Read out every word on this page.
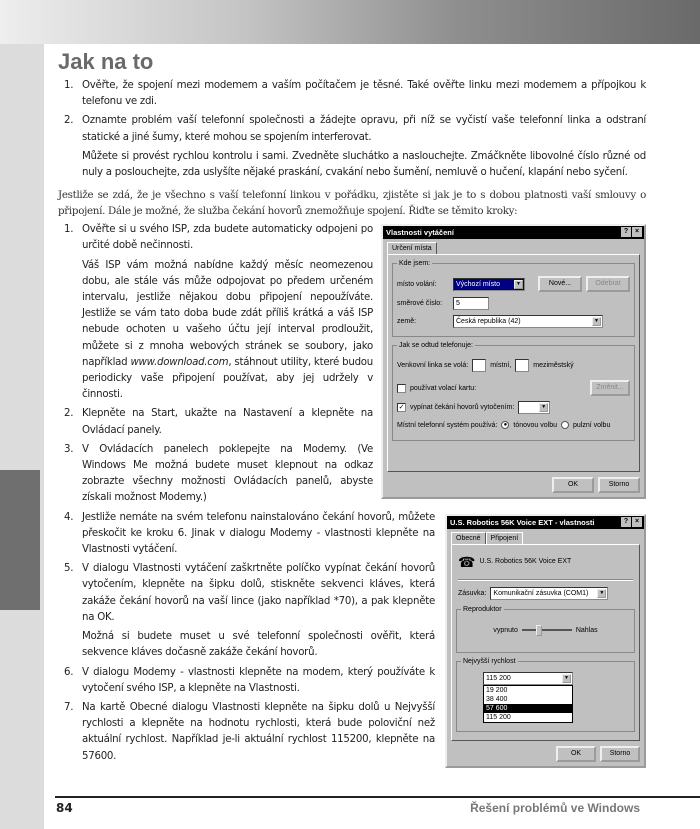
Jak na to
1. Ověřte, že spojení mezi modemem a vaším počítačem je těsné. Také ověřte linku mezi modemem a přípojkou k telefonu ve zdi.
2. Oznamte problém vaší telefonní společnosti a žádejte opravu, při níž se vyčistí vaše telefonní linka a odstraní statické a jiné šumy, které mohou se spojením interferovat.

Můžete si provést rychlou kontrolu i sami. Zvedněte sluchátko a naslouchejte. Zmáčkněte libovolné číslo různé od nuly a poslouchejte, zda uslyšíte nějaké praskání, cvakání nebo šumění, nemluvě o hučení, klapání nebo syčení.

Jestliže se zdá, že je všechno s vaší telefonní linkou v pořádku, zjistěte si jak je to s dobou platnosti vaší smlouvy o připojení. Dále je možné, že služba čekání hovorů znemožňuje spojení. Řiďte se těmito kroky:

Vlastnosti vytáčení	? ×
Určení místa
Kde jsem:
místo volání:	Výchozí místo	▼	Nové...	Odebrat
směrové číslo:	5
země:	Česká republika (42)	▼
Jak se odtud telefonuje:
Venkovní linka se volá:	místní,	meziměstský
používat volací kartu:	Změnit...
✓ vypínat čekání hovorů vytočením:	▼
Místní telefonní systém používá:	● tónovou volbu pulzní volbu
OK	Storno
1. Ověřte si u svého ISP, zda budete automaticky odpojeni po určité době nečinnosti.

Váš ISP vám možná nabídne každý měsíc neomezenou dobu, ale stále vás může odpojovat po předem určeném intervalu, jestliže nějakou dobu připojení nepoužíváte. Jestliže se vám tato doba bude zdát příliš krátká a váš ISP nebude ochoten u vašeho účtu její interval prodloužit, můžete si z mnoha webových stránek se soubory, jako například www.download.com, stáhnout utility, které budou periodicky vaše připojení používat, aby jej udržely v činnosti.

2. Klepněte na Start, ukažte na Nastavení a klepněte na Ovládací panely.
3. V Ovládacích panelech poklepejte na Modemy. (Ve Windows Me možná budete muset klepnout na odkaz zobrazte všechny možnosti Ovládacích panelů, abyste získali možnost Modemy.)
U.S. Robotics 56K Voice EXT - vlastnosti	? ×
Obecné	Připojení
☎ U.S. Robotics 56K Voice EXT
Zásuvka:	Komunikační zásuvka (COM1)	▼
Reproduktor
vypnuto	Nahlas
Nejvyšší rychlost
115 200	▼
19 200
38 400
57 600
115 200
OK	Storno
4. Jestliže nemáte na svém telefonu nainstalováno čekání hovorů, můžete přeskočit ke kroku 6. Jinak v dialogu Modemy - vlastnosti klepněte na Vlastnosti vytáčení.
5. V dialogu Vlastnosti vytáčení zaškrtněte políčko vypínat čekání hovorů vytočením, klepněte na šipku dolů, stiskněte sekvenci kláves, která zakáže čekání hovorů na vaší lince (jako například *70), a pak klepněte na OK.

Možná si budete muset u své telefonní společnosti ověřit, která sekvence kláves dočasně zakáže čekání hovorů.

6. V dialogu Modemy - vlastnosti klepněte na modem, který používáte k vytočení svého ISP, a klepněte na Vlastnosti.
7. Na kartě Obecné dialogu Vlastnosti klepněte na šipku dolů u Nejvyšší rychlosti a klepněte na hodnotu rychlosti, která bude poloviční než aktuální rychlost. Například je-li aktuální rychlost 115200, klepněte na 57600.
84	Řešení problémů ve Windows
